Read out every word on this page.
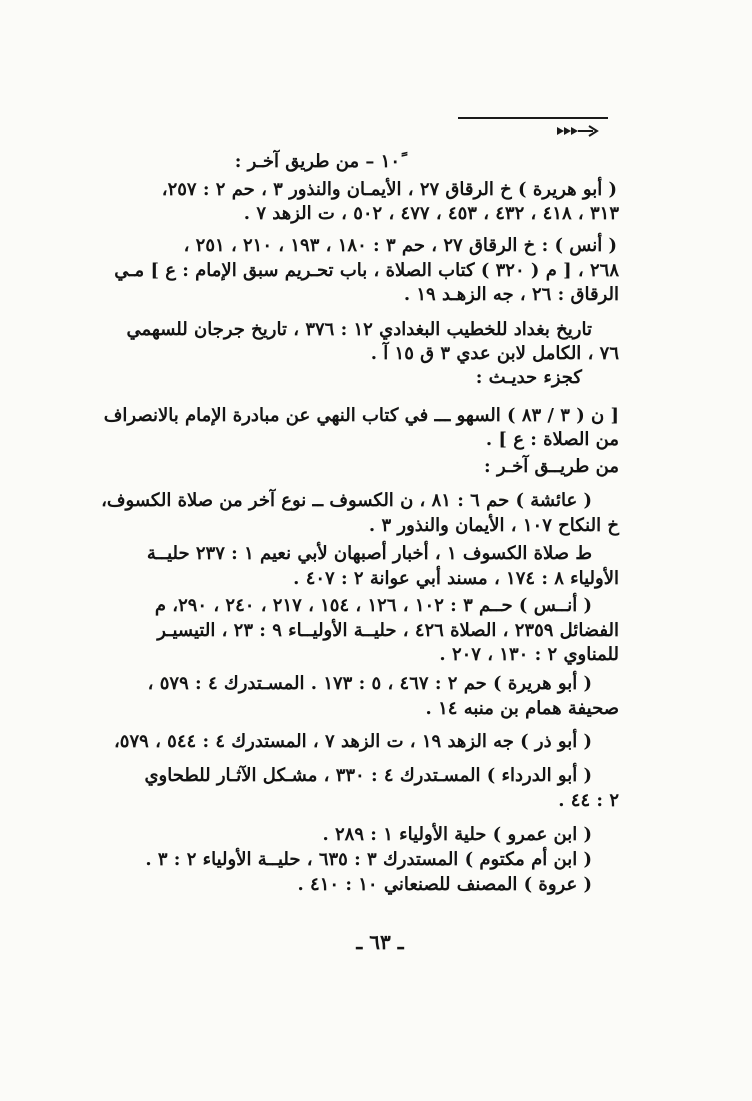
١٠ً – من طريق آخـر :
( أبو هريرة ) خ الرقاق ٢٧ ، الأيمـان والنذور ٣ ، حم ٢ : ٢٥٧،
٣١٣ ، ٤١٨ ، ٤٣٢ ، ٤٥٣ ، ٤٧٧ ، ٥٠٢ ، ت الزهد ٧ .
( أنس ) : خ الرقاق ٢٧ ، حم ٣ : ١٨٠ ، ١٩٣ ، ٢١٠ ، ٢٥١ ،
٢٦٨ ، [ م ( ٣٢٠ ) كتاب الصلاة ، باب تحـريم سبق الإمام : ع ] مـي
الرقاق : ٢٦ ، جه الزهـد ١٩ .
تاريخ بغداد للخطيب البغدادي ١٢ : ٣٧٦ ، تاريخ جرجان للسهمي
٧٦ ، الكامل لابن عدي ٣ ق ١٥ آ .
كجزء حديـث :
[ ن ( ٣ / ٨٣ ) السهو ـــ في كتاب النهي عن مبادرة الإمام بالانصراف
من الصلاة : ع ] .
من طريــق آخـر :
( عائشة ) حم ٦ : ٨١ ، ن الكسوف ــ نوع آخر من صلاة الكسوف،
خ النكاح ١٠٧ ، الأيمان والنذور ٣ .
ط صلاة الكسوف ١ ، أخبار أصبهان لأبي نعيم ١ : ٢٣٧ حليــة
الأولياء ٨ : ١٧٤ ، مسند أبي عوانة ٢ : ٤٠٧ .
( أنــس ) حــم ٣ : ١٠٢ ، ١٢٦ ، ١٥٤ ، ٢١٧ ، ٢٤٠ ، ٢٩٠، م
الفضائل ٢٣٥٩ ، الصلاة ٤٢٦ ، حليــة الأوليــاء ٩ : ٢٣ ، التيسيـر
للمناوي ٢ : ١٣٠ ، ٢٠٧ .
( أبو هريرة ) حم ٢ : ٤٦٧ ، ٥ : ١٧٣ . المسـتدرك ٤ : ٥٧٩ ،
صحيفة همام بن منبه ١٤ .
( أبو ذر ) جه الزهد ١٩ ، ت الزهد ٧ ، المستدرك ٤ : ٥٤٤ ، ٥٧٩،
( أبو الدرداء ) المسـتدرك ٤ : ٣٣٠ ، مشـكل الآثـار للطحاوي
٢ : ٤٤ .
( ابن عمرو ) حلية الأولياء ١ : ٢٨٩ .
( ابن أم مكتوم ) المستدرك ٣ : ٦٣٥ ، حليــة الأولياء ٢ : ٣ .
( عروة ) المصنف للصنعاني ١٠ : ٤١٠ .
ـ ٦٣ ـ
